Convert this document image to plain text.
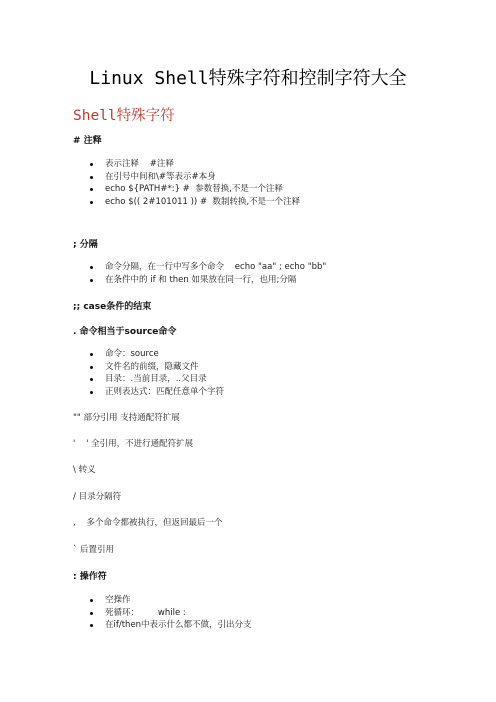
Linux Shell特殊字符和控制字符大全
Shell特殊字符
# 注释
表示注释    #注释
在引号中间和\#等表示#本身
echo ${PATH#*:} #  参数替换,不是一个注释
echo $(( 2#101011 )) #  数制转换,不是一个注释
; 分隔
命令分隔，在一行中写多个命令    echo "aa" ; echo "bb"
在条件中的 if 和 then 如果放在同一行，也用;分隔
;; case条件的结束
. 命令相当于source命令
命令：source
文件名的前缀，隐藏文件
目录：.当前目录，..父目录
正则表达式：匹配任意单个字符
"" 部分引用 支持通配符扩展
'    ' 全引用，不进行通配符扩展
\ 转义
/ 目录分隔符
,    多个命令都被执行，但返回最后一个
` 后置引用
: 操作符
空操作
死循环：       while :
在if/then中表示什么都不做，引出分支
